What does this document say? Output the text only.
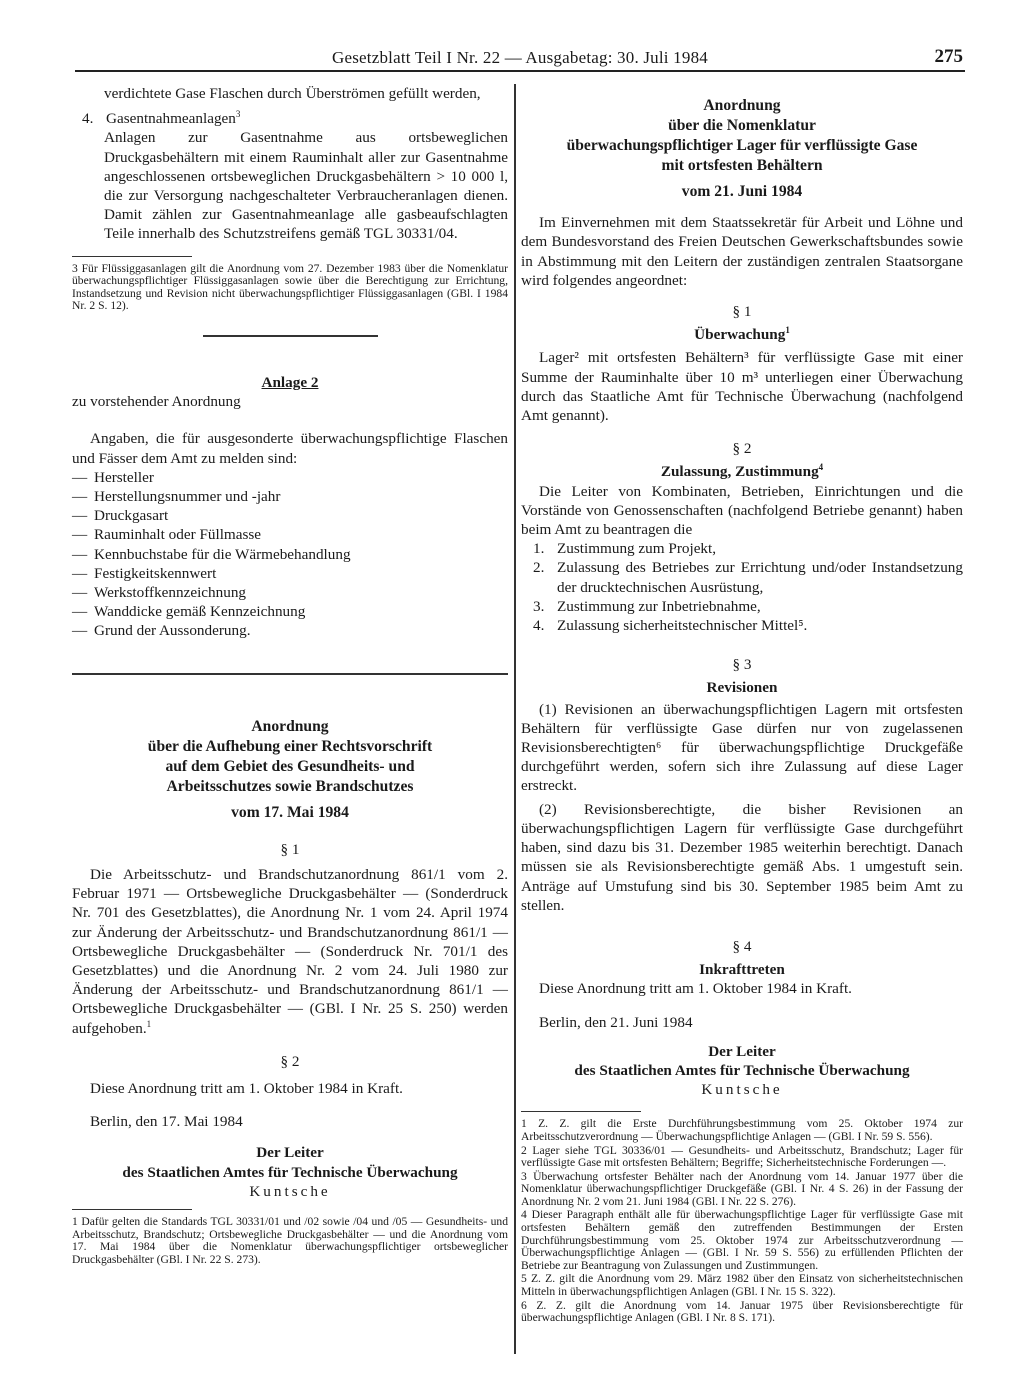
Gesetzblatt Teil I Nr. 22 — Ausgabetag: 30. Juli 1984	275

verdichtete Gase Flaschen durch Überströmen gefüllt werden,

4. Gasentnahmeanlagen$^3$

Anlagen zur Gasentnahme aus ortsbeweglichen Druckgasbehältern mit einem Rauminhalt aller zur Gasentnahme angeschlossenen ortsbeweglichen Druckgasbehältern > 10 000 l, die zur Versorgung nachgeschalteter Verbraucheranlagen dienen. Damit zählen zur Gasentnahmeanlage alle gasbeaufschlagten Teile innerhalb des Schutzstreifens gemäß TGL 30331/04.

3 Für Flüssiggasanlagen gilt die Anordnung vom 27. Dezember 1983 über die Nomenklatur überwachungspflichtiger Flüssiggasanlagen sowie über die Berechtigung zur Errichtung, Instandsetzung und Revision nicht überwachungspflichtiger Flüssiggasanlagen (GBl. I 1984 Nr. 2 S. 12).

Anlage 2

zu vorstehender Anordnung

Angaben, die für ausgesonderte überwachungspflichtige Flaschen und Fässer dem Amt zu melden sind:

— Hersteller
— Herstellungsnummer und -jahr
— Druckgasart
— Rauminhalt oder Füllmasse
— Kennbuchstabe für die Wärmebehandlung
— Festigkeitskennwert
— Werkstoffkennzeichnung
— Wanddicke gemäß Kennzeichnung
— Grund der Aussonderung.
Anordnung
über die Aufhebung einer Rechtsvorschrift
auf dem Gebiet des Gesundheits- und
Arbeitsschutzes sowie Brandschutzes

vom 17. Mai 1984

§ 1

Die Arbeitsschutz- und Brandschutzanordnung 861/1 vom 2. Februar 1971 — Ortsbewegliche Druckgasbehälter — (Sonderdruck Nr. 701 des Gesetzblattes), die Anordnung Nr. 1 vom 24. April 1974 zur Änderung der Arbeitsschutz- und Brandschutzanordnung 861/1 — Ortsbewegliche Druckgasbehälter — (Sonderdruck Nr. 701/1 des Gesetzblattes) und die Anordnung Nr. 2 vom 24. Juli 1980 zur Änderung der Arbeitsschutz- und Brandschutzanordnung 861/1 — Ortsbewegliche Druckgasbehälter — (GBl. I Nr. 25 S. 250) werden aufgehoben.$^1$

§ 2

Diese Anordnung tritt am 1. Oktober 1984 in Kraft.

Berlin, den 17. Mai 1984

Der Leiter

des Staatlichen Amtes für Technische Überwachung

Kuntsche

1 Dafür gelten die Standards TGL 30331/01 und /02 sowie /04 und /05 — Gesundheits- und Arbeitsschutz, Brandschutz; Ortsbewegliche Druckgasbehälter — und die Anordnung vom 17. Mai 1984 über die Nomenklatur überwachungspflichtiger ortsbeweglicher Druckgasbehälter (GBl. I Nr. 22 S. 273).

Anordnung
über die Nomenklatur
überwachungspflichtiger Lager für verflüssigte Gase
mit ortsfesten Behältern

vom 21. Juni 1984

Im Einvernehmen mit dem Staatssekretär für Arbeit und Löhne und dem Bundesvorstand des Freien Deutschen Gewerkschaftsbundes sowie in Abstimmung mit den Leitern der zuständigen zentralen Staatsorgane wird folgendes angeordnet:

§ 1

Überwachung$^1$

Lager² mit ortsfesten Behältern³ für verflüssigte Gase mit einer Summe der Rauminhalte über 10 m³ unterliegen einer Überwachung durch das Staatliche Amt für Technische Überwachung (nachfolgend Amt genannt).

§ 2

Zulassung, Zustimmung$^4$

Die Leiter von Kombinaten, Betrieben, Einrichtungen und die Vorstände von Genossenschaften (nachfolgend Betriebe genannt) haben beim Amt zu beantragen die

1. Zustimmung zum Projekt,
2. Zulassung des Betriebes zur Errichtung und/oder Instandsetzung der drucktechnischen Ausrüstung,
3. Zustimmung zur Inbetriebnahme,
4. Zulassung sicherheitstechnischer Mittel⁵.

§ 3

Revisionen

(1) Revisionen an überwachungspflichtigen Lagern mit ortsfesten Behältern für verflüssigte Gase dürfen nur von zugelassenen Revisionsberechtigten⁶ für überwachungspflichtige Druckgefäße durchgeführt werden, sofern sich ihre Zulassung auf diese Lager erstreckt.

(2) Revisionsberechtigte, die bisher Revisionen an überwachungspflichtigen Lagern für verflüssigte Gase durchgeführt haben, sind dazu bis 31. Dezember 1985 weiterhin berechtigt. Danach müssen sie als Revisionsberechtigte gemäß Abs. 1 umgestuft sein. Anträge auf Umstufung sind bis 30. September 1985 beim Amt zu stellen.

§ 4

Inkrafttreten

Diese Anordnung tritt am 1. Oktober 1984 in Kraft.

Berlin, den 21. Juni 1984

Der Leiter

des Staatlichen Amtes für Technische Überwachung

Kuntsche

1 Z. Z. gilt die Erste Durchführungsbestimmung vom 25. Oktober 1974 zur Arbeitsschutzverordnung — Überwachungspflichtige Anlagen — (GBl. I Nr. 59 S. 556).

2 Lager siehe TGL 30336/01 — Gesundheits- und Arbeitsschutz, Brandschutz; Lager für verflüssigte Gase mit ortsfesten Behältern; Begriffe; Sicherheitstechnische Forderungen —.

3 Überwachung ortsfester Behälter nach der Anordnung vom 14. Januar 1977 über die Nomenklatur überwachungspflichtiger Druckgefäße (GBl. I Nr. 4 S. 26) in der Fassung der Anordnung Nr. 2 vom 21. Juni 1984 (GBl. I Nr. 22 S. 276).

4 Dieser Paragraph enthält alle für überwachungspflichtige Lager für verflüssigte Gase mit ortsfesten Behältern gemäß den zutreffenden Bestimmungen der Ersten Durchführungsbestimmung vom 25. Oktober 1974 zur Arbeitsschutzverordnung — Überwachungspflichtige Anlagen — (GBl. I Nr. 59 S. 556) zu erfüllenden Pflichten der Betriebe zur Beantragung von Zulassungen und Zustimmungen.

5 Z. Z. gilt die Anordnung vom 29. März 1982 über den Einsatz von sicherheitstechnischen Mitteln in überwachungspflichtigen Anlagen (GBl. I Nr. 15 S. 322).

6 Z. Z. gilt die Anordnung vom 14. Januar 1975 über Revisionsberechtigte für überwachungspflichtige Anlagen (GBl. I Nr. 8 S. 171).
